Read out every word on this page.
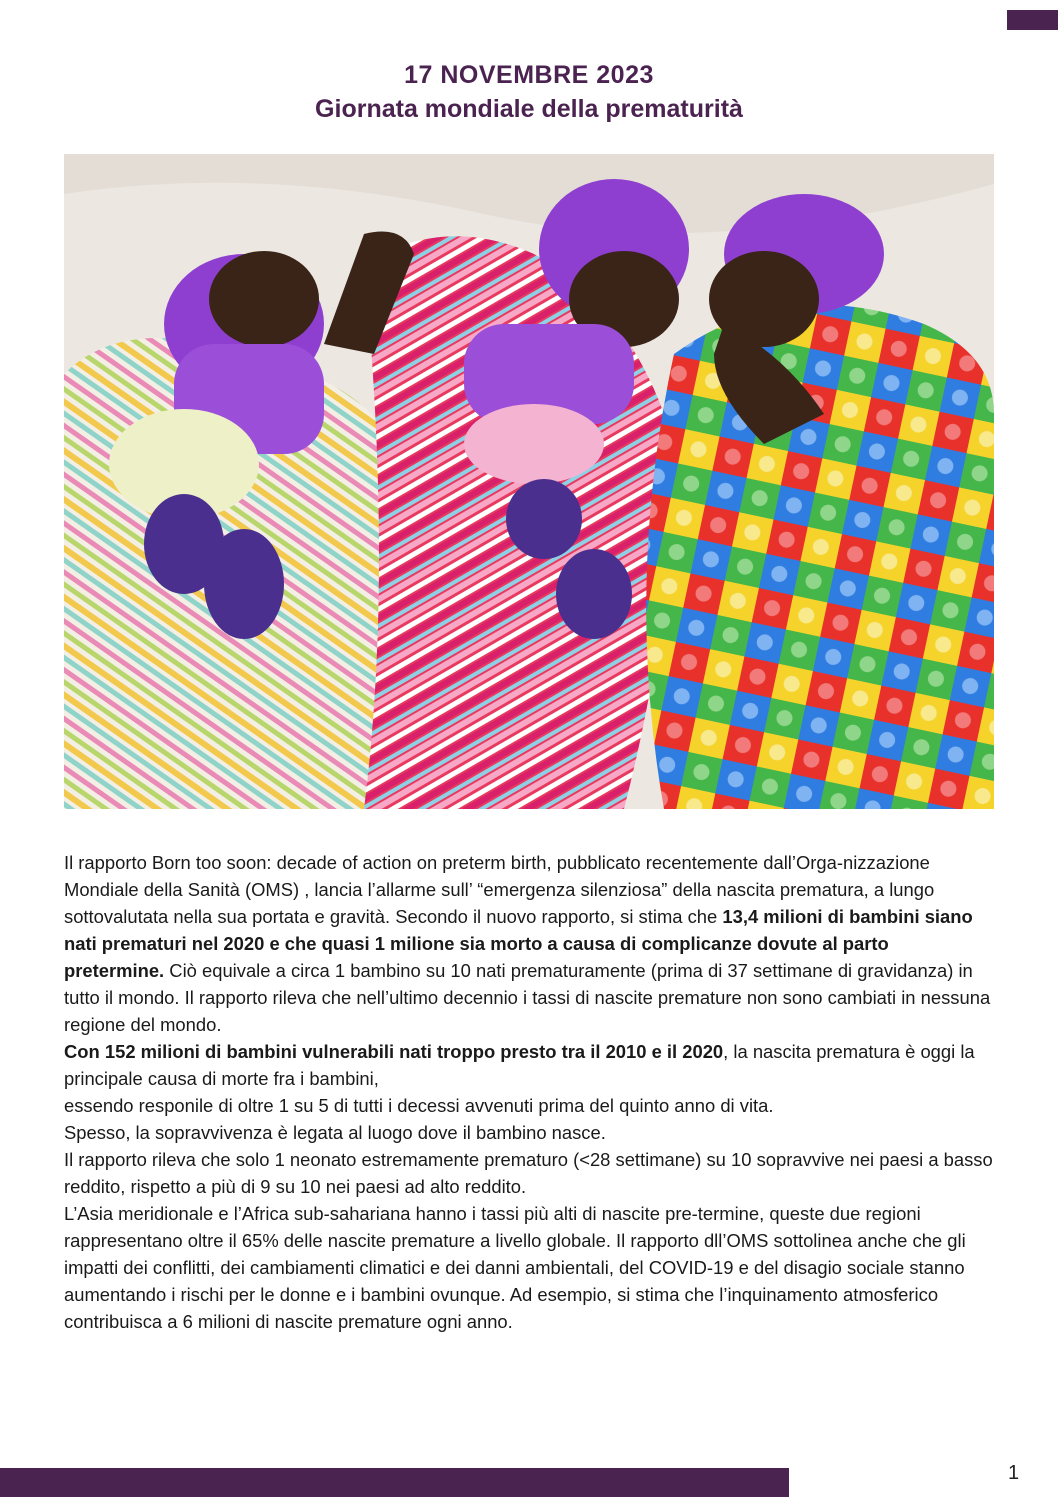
17 NOVEMBRE 2023
Giornata mondiale della prematurità

Il rapporto Born too soon: decade of action on preterm birth, pubblicato recentemente dall’Orga-nizzazione Mondiale della Sanità (OMS) , lancia l’allarme sull’ “emergenza silenziosa” della nascita prematura, a lungo sottovalutata nella sua portata e gravità. Secondo il nuovo rapporto, si stima che 13,4 milioni di bambini siano nati prematuri nel 2020 e che quasi 1 milione sia morto a causa di complicanze dovute al parto pretermine. Ciò equivale a circa 1 bambino su 10 nati prematuramente (prima di 37 settimane di gravidanza) in tutto il mondo. Il rapporto rileva che nell’ultimo decennio i tassi di nascite premature non sono cambiati in nessuna regione del mondo.

Con 152 milioni di bambini vulnerabili nati troppo presto tra il 2010 e il 2020, la nascita prematura è oggi la principale causa di morte fra i bambini,

essendo responile di oltre 1 su 5 di tutti i decessi avvenuti prima del quinto anno di vita.

Spesso, la sopravvivenza è legata al luogo dove il bambino nasce.

Il rapporto rileva che solo 1 neonato estremamente prematuro (<28 settimane) su 10 sopravvive nei paesi a basso reddito, rispetto a più di 9 su 10 nei paesi ad alto reddito.

L’Asia meridionale e l’Africa sub-sahariana hanno i tassi più alti di nascite pre-termine, queste due regioni rappresentano oltre il 65% delle nascite premature a livello globale. Il rapporto dll’OMS sottolinea anche che gli impatti dei conflitti, dei cambiamenti climatici e dei danni ambientali, del COVID-19 e del disagio sociale stanno aumentando i rischi per le donne e i bambini ovunque. Ad esempio, si stima che l’inquinamento atmosferico contribuisca a 6 milioni di nascite premature ogni anno.

1
